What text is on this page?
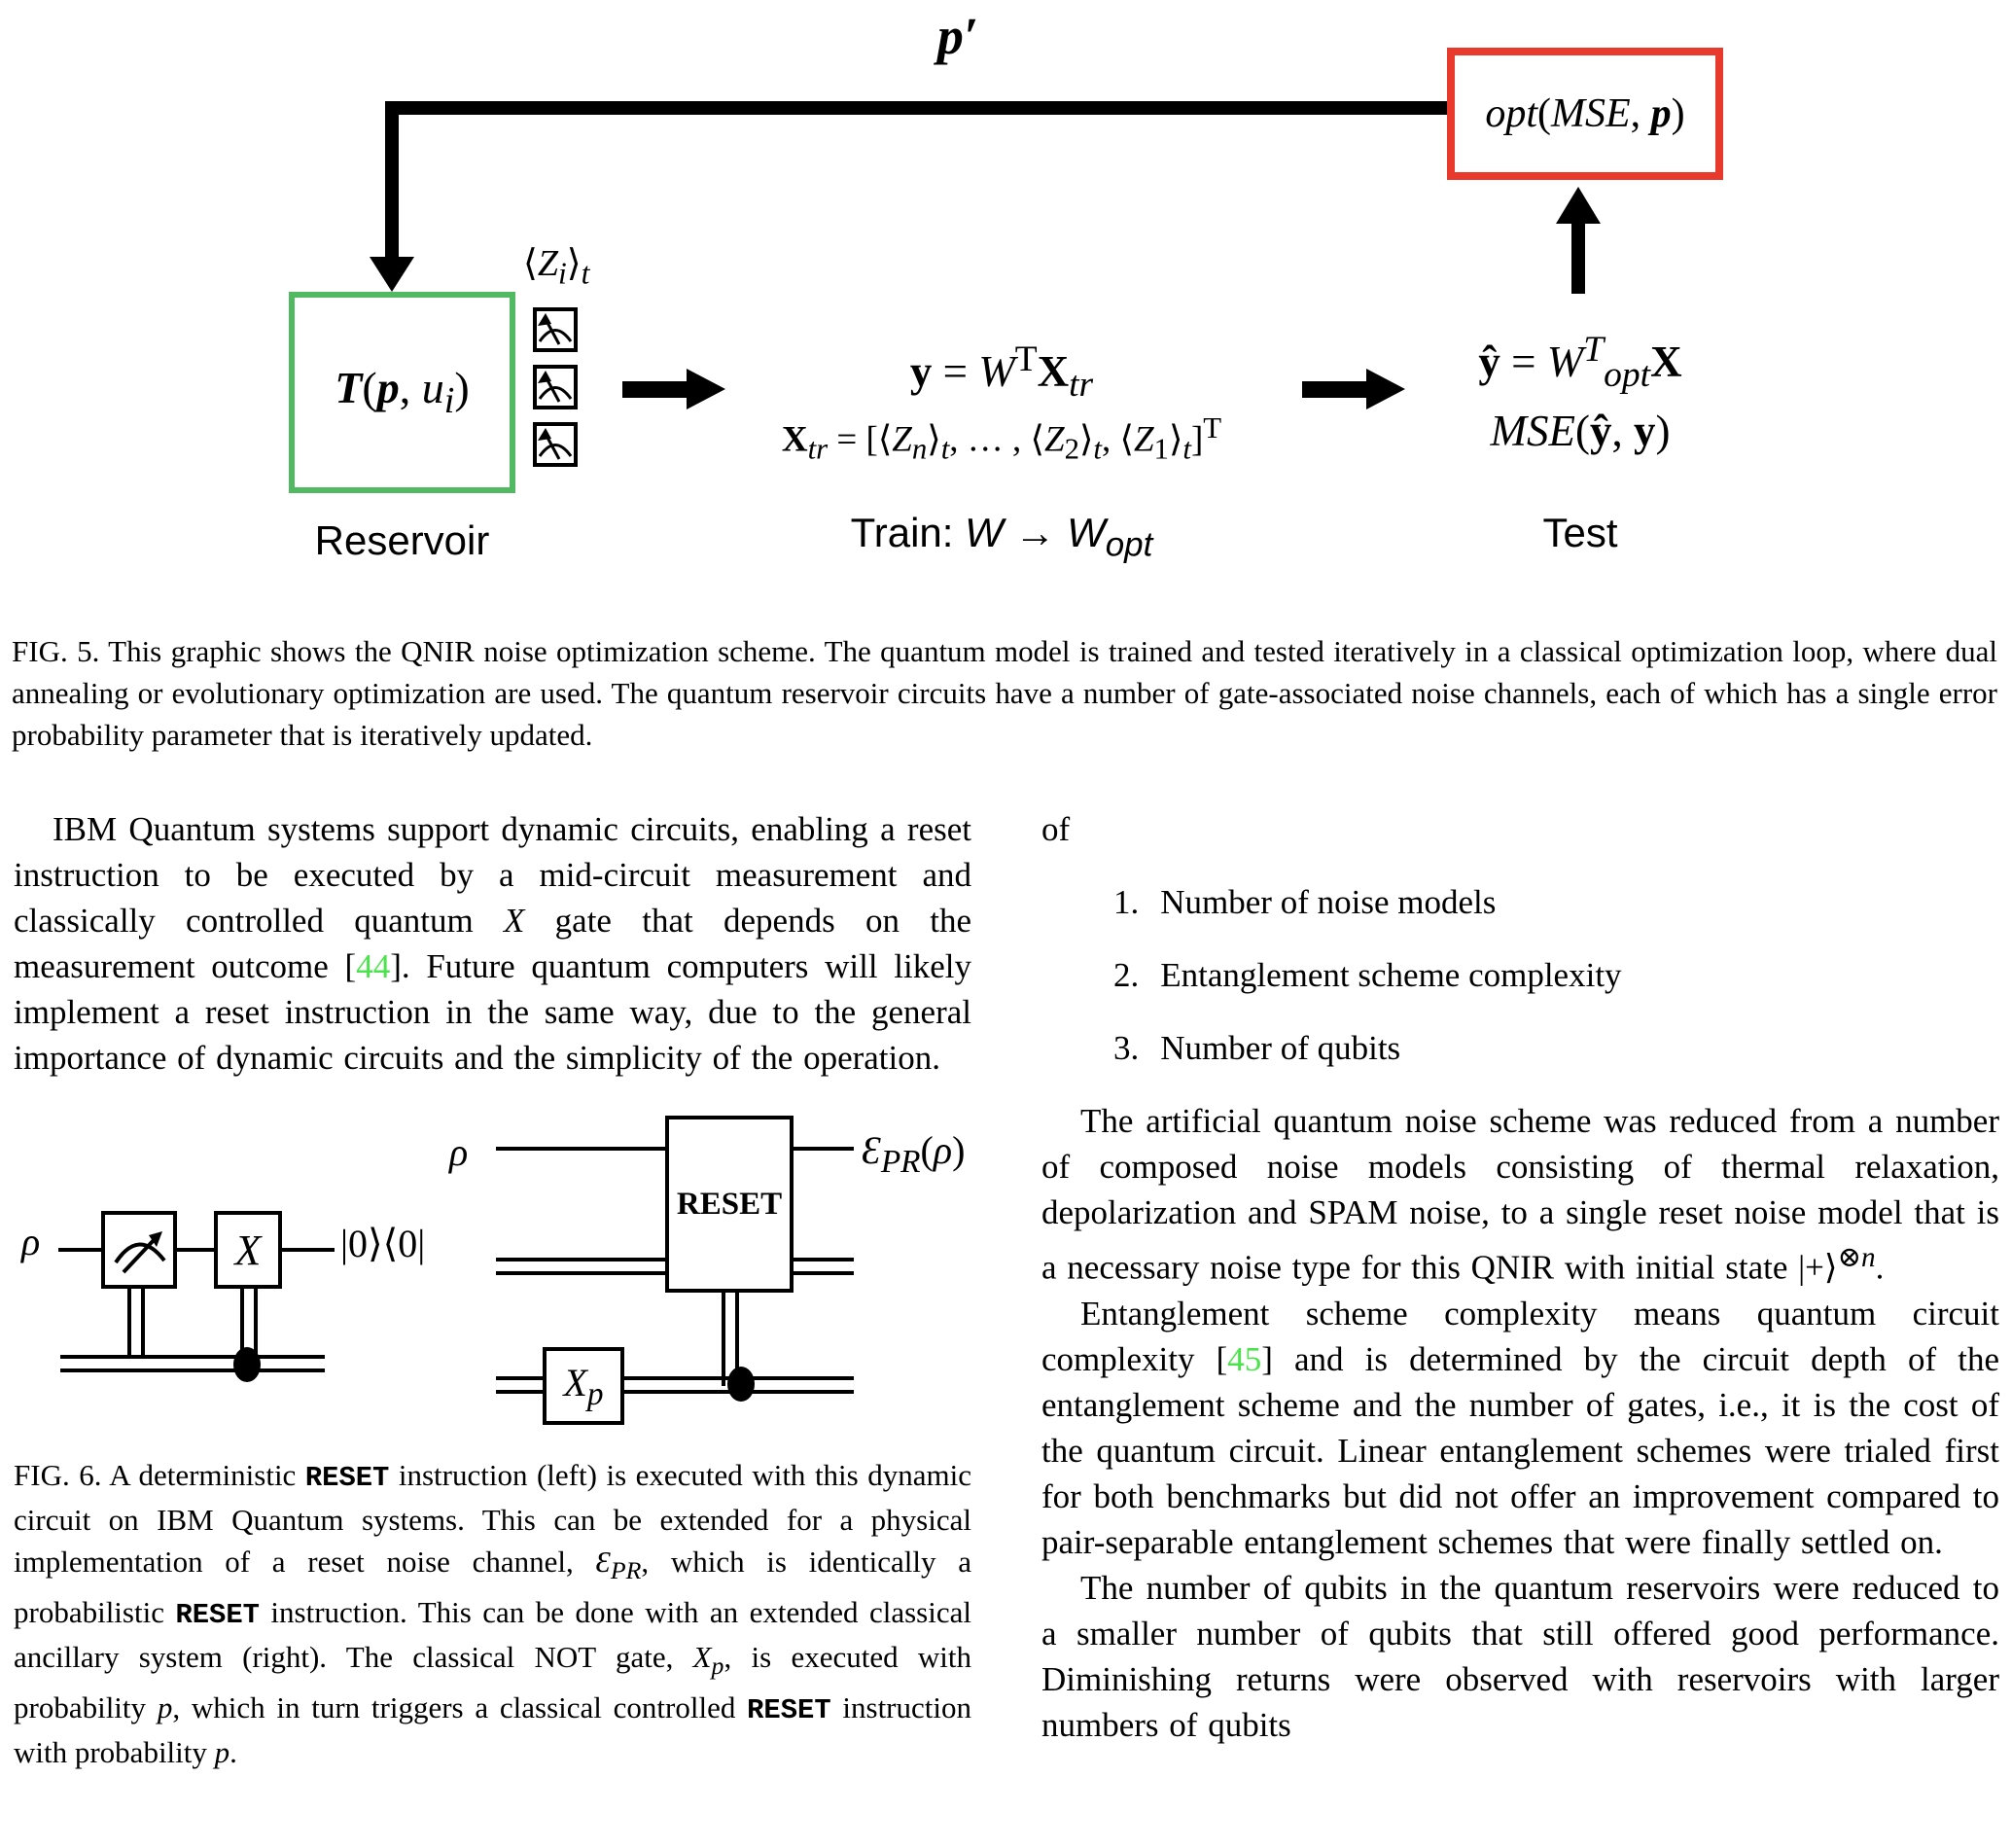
p′
T(p, $u_i$)
Reservoir
$⟨Z_i⟩_t$
$y = W^TX_{tr}$
$X_{tr}$ = [$⟨Z_n⟩_t$, … , $⟨Z_2⟩_t$, $⟨Z_1⟩_t]^T$
Train: $W \to W_{opt}$
ŷ = $W^T_{opt}X$
MSE(ŷ, y)
Test
opt(MSE, p)
FIG. 5. This graphic shows the QNIR noise optimization scheme. The quantum model is trained and tested iteratively in a classical optimization loop, where dual annealing or evolutionary optimization are used. The quantum reservoir circuits have a number of gate-associated noise channels, each of which has a single error probability parameter that is iteratively updated.

IBM Quantum systems support dynamic circuits, enabling a reset instruction to be executed by a mid-circuit measurement and classically controlled quantum X gate that depends on the measurement outcome [44]. Future quantum computers will likely implement a reset instruction in the same way, due to the general importance of dynamic circuits and the simplicity of the operation.

ρ	X |0⟩⟨0|
ρ
RESET
$Ɛ_{PR}(\rho)$
$X_p$
FIG. 6. A deterministic RESET instruction (left) is executed with this dynamic circuit on IBM Quantum systems. This can be extended for a physical implementation of a reset noise channel, $Ɛ_{PR}$, which is identically a probabilistic RESET instruction. This can be done with an extended classical ancillary system (right). The classical NOT gate, $X_p$, is executed with probability p, which in turn triggers a classical controlled RESET instruction with probability p.

of

1. Number of noise models
2. Entanglement scheme complexity
3. Number of qubits

The artificial quantum noise scheme was reduced from a number of composed noise models consisting of thermal relaxation, depolarization and SPAM noise, to a single reset noise model that is a necessary noise type for this QNIR with initial state |+⟩$^{\otimes n}$.

Entanglement scheme complexity means quantum circuit complexity [45] and is determined by the circuit depth of the entanglement scheme and the number of gates, i.e., it is the cost of the quantum circuit. Linear entanglement schemes were trialed first for both benchmarks but did not offer an improvement compared to pair-separable entanglement schemes that were finally settled on.

The number of qubits in the quantum reservoirs were reduced to a smaller number of qubits that still offered good performance. Diminishing returns were observed with reservoirs with larger numbers of qubits
